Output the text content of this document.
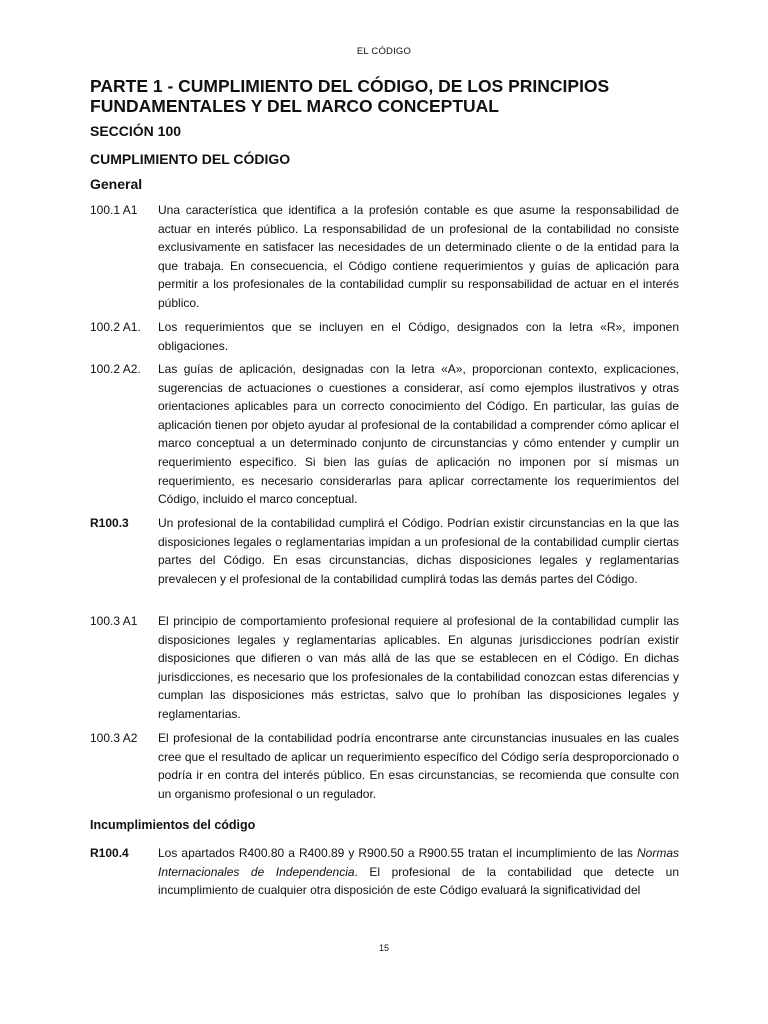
EL CÓDIGO
PARTE 1 - CUMPLIMIENTO DEL CÓDIGO, DE LOS PRINCIPIOS FUNDAMENTALES Y DEL MARCO CONCEPTUAL
SECCIÓN 100
CUMPLIMIENTO DEL CÓDIGO
General
100.1 A1	Una característica que identifica a la profesión contable es que asume la responsabilidad de actuar en interés público. La responsabilidad de un profesional de la contabilidad no consiste exclusivamente en satisfacer las necesidades de un determinado cliente o de la entidad para la que trabaja. En consecuencia, el Código contiene requerimientos y guías de aplicación para permitir a los profesionales de la contabilidad cumplir su responsabilidad de actuar en el interés público.
100.2 A1.	Los requerimientos que se incluyen en el Código, designados con la letra «R», imponen obligaciones.
100.2 A2.	Las guías de aplicación, designadas con la letra «A», proporcionan contexto, explicaciones, sugerencias de actuaciones o cuestiones a considerar, así como ejemplos ilustrativos y otras orientaciones aplicables para un correcto conocimiento del Código. En particular, las guías de aplicación tienen por objeto ayudar al profesional de la contabilidad a comprender cómo aplicar el marco conceptual a un determinado conjunto de circunstancias y cómo entender y cumplir un requerimiento específico. Si bien las guías de aplicación no imponen por sí mismas un requerimiento, es necesario considerarlas para aplicar correctamente los requerimientos del Código, incluido el marco conceptual.
R100.3	Un profesional de la contabilidad cumplirá el Código. Podrían existir circunstancias en la que las disposiciones legales o reglamentarias impidan a un profesional de la contabilidad cumplir ciertas partes del Código. En esas circunstancias, dichas disposiciones legales y reglamentarias prevalecen y el profesional de la contabilidad cumplirá todas las demás partes del Código.
100.3 A1	El principio de comportamiento profesional requiere al profesional de la contabilidad cumplir las disposiciones legales y reglamentarias aplicables. En algunas jurisdicciones podrían existir disposiciones que difieren o van más allá de las que se establecen en el Código. En dichas jurisdicciones, es necesario que los profesionales de la contabilidad conozcan estas diferencias y cumplan las disposiciones más estrictas, salvo que lo prohíban las disposiciones legales y reglamentarias.
100.3 A2	El profesional de la contabilidad podría encontrarse ante circunstancias inusuales en las cuales cree que el resultado de aplicar un requerimiento específico del Código sería desproporcionado o podría ir en contra del interés público. En esas circunstancias, se recomienda que consulte con un organismo profesional o un regulador.
Incumplimientos del código
R100.4	Los apartados R400.80 a R400.89 y R900.50 a R900.55 tratan el incumplimiento de las Normas Internacionales de Independencia. El profesional de la contabilidad que detecte un incumplimiento de cualquier otra disposición de este Código evaluará la significatividad del
15
